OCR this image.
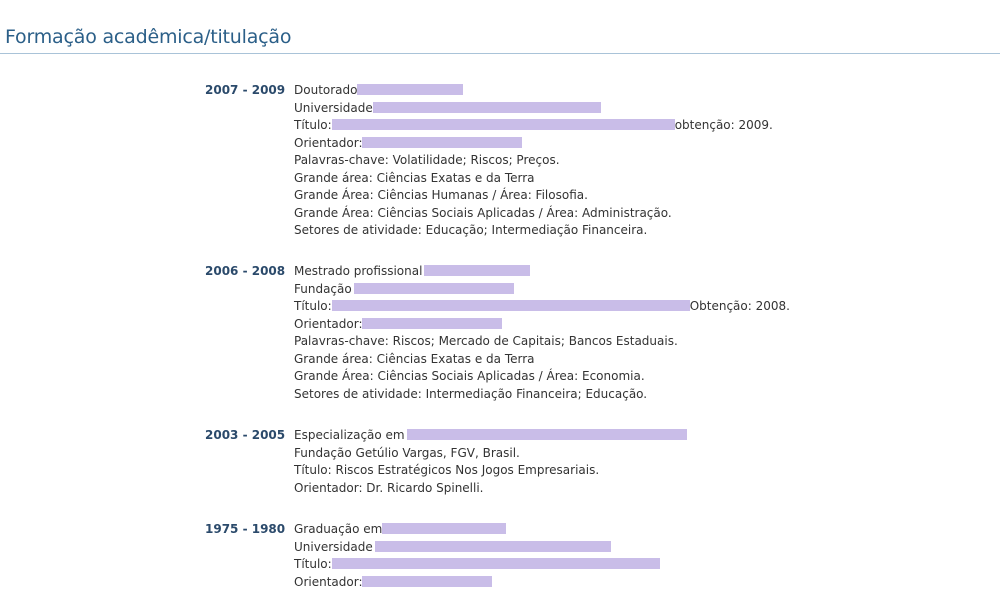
Formação acadêmica/titulação
2007 - 2009 Doutorado
Universidade
Título:	obtenção: 2009.
Orientador:
Palavras-chave: Volatilidade; Riscos; Preços.
Grande área: Ciências Exatas e da Terra
Grande Área: Ciências Humanas / Área: Filosofia.
Grande Área: Ciências Sociais Aplicadas / Área: Administração.
Setores de atividade: Educação; Intermediação Financeira.
2006 - 2008 Mestrado profissional
Fundação
Título:	Obtenção: 2008.
Orientador:
Palavras-chave: Riscos; Mercado de Capitais; Bancos Estaduais.
Grande área: Ciências Exatas e da Terra
Grande Área: Ciências Sociais Aplicadas / Área: Economia.
Setores de atividade: Intermediação Financeira; Educação.
2003 - 2005 Especialização em
Fundação Getúlio Vargas, FGV, Brasil.
Título: Riscos Estratégicos Nos Jogos Empresariais.
Orientador: Dr. Ricardo Spinelli.
1975 - 1980 Graduação em
Universidade
Título:
Orientador:
